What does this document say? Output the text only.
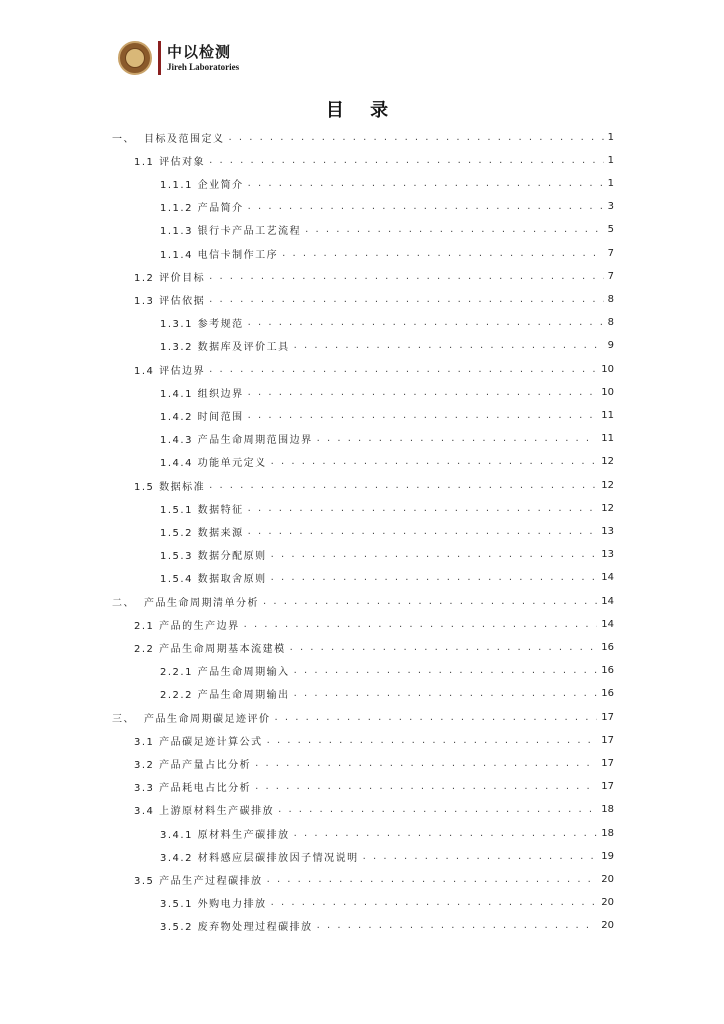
中以检测
Jireh Laboratories
目 录
一、 目标及范围定义 . . .	1
1.1 评估对象 . . .	1
1.1.1 企业简介 . . .	1
1.1.2 产品简介 . . .	3
1.1.3 银行卡产品工艺流程 . . .	5
1.1.4 电信卡制作工序 . . .	7
1.2 评价目标 . . .	7
1.3 评估依据 . . .	8
1.3.1 参考规范 . . .	8
1.3.2 数据库及评价工具 . . .	9
1.4 评估边界 . . .	10
1.4.1 组织边界 . . .	10
1.4.2 时间范围 . . .	11
1.4.3 产品生命周期范围边界 . . .	11
1.4.4 功能单元定义 . . .	12
1.5 数据标准 . . .	12
1.5.1 数据特征 . . .	12
1.5.2 数据来源 . . .	13
1.5.3 数据分配原则 . . .	13
1.5.4 数据取舍原则 . . .	14
二、 产品生命周期清单分析 . . .	14
2.1 产品的生产边界 . . .	14
2.2 产品生命周期基本流建模 . . .	16
2.2.1 产品生命周期输入 . . .	16
2.2.2 产品生命周期输出 . . .	16
三、 产品生命周期碳足迹评价 . . .	17
3.1 产品碳足迹计算公式 . . .	17
3.2 产品产量占比分析 . . .	17
3.3 产品耗电占比分析 . . .	17
3.4 上游原材料生产碳排放 . . .	18
3.4.1 原材料生产碳排放 . . .	18
3.4.2 材料感应层碳排放因子情况说明 . . .	19
3.5 产品生产过程碳排放 . . .	20
3.5.1 外购电力排放 . . .	20
3.5.2 废弃物处理过程碳排放 . . .	20
